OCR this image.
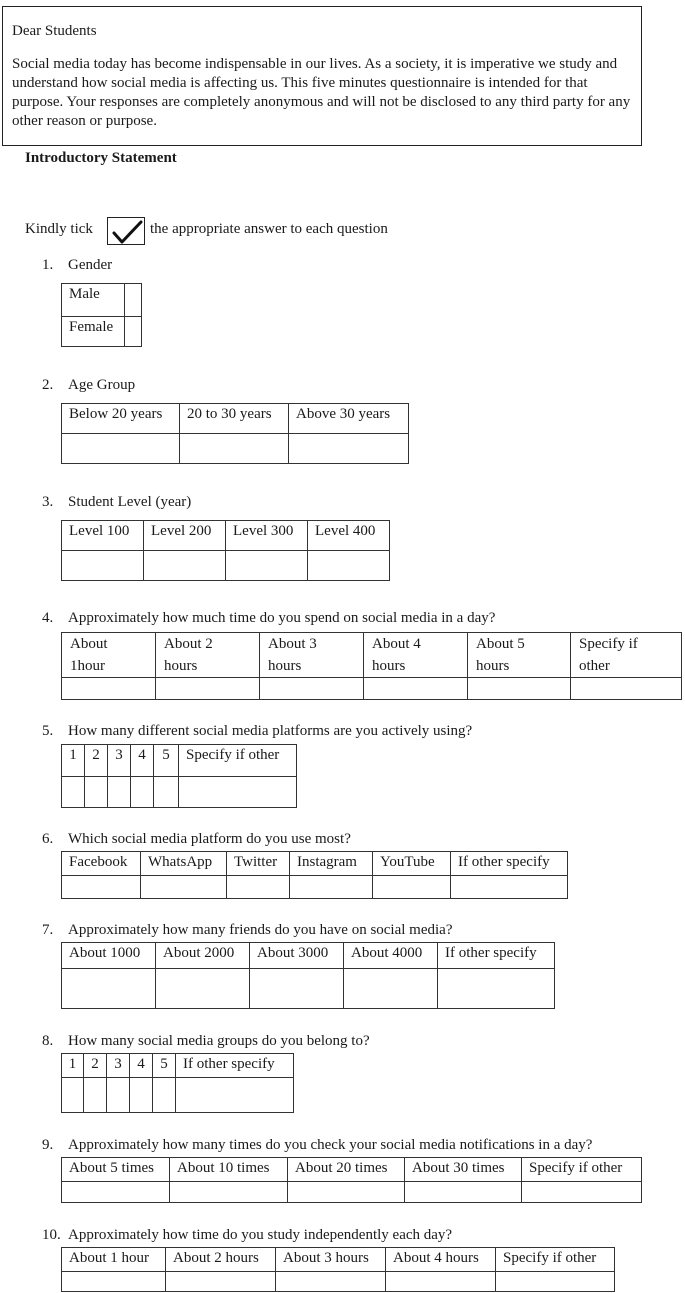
Dear Students
Social media today has become indispensable in our lives. As a society, it is imperative we study and understand how social media is affecting us. This five minutes questionnaire is intended for that purpose. Your responses are completely anonymous and will not be disclosed to any third party for any other reason or purpose.
Introductory Statement
Kindly tick	the appropriate answer to each question
1. Gender
Male	
Female	
2. Age Group
Below 20 years	20 to 30 years	Above 30 years

3. Student Level (year)
Level 100	Level 200	Level 300	Level 400

4. Approximately how much time do you spend on social media in a day?
About 1hour	About 2 hours	About 3 hours	About 4 hours	About 5 hours	Specify if other

5. How many different social media platforms are you actively using?
1	2	3	4	5	Specify if other

6. Which social media platform do you use most?
Facebook	WhatsApp	Twitter	Instagram	YouTube	If other specify

7. Approximately how many friends do you have on social media?
About 1000	About 2000	About 3000	About 4000	If other specify

8. How many social media groups do you belong to?
1	2	3	4	5	If other specify

9. Approximately how many times do you check your social media notifications in a day?
About 5 times	About 10 times	About 20 times	About 30 times	Specify if other

10. Approximately how time do you study independently each day?
About 1 hour	About 2 hours	About 3 hours	About 4 hours	Specify if other
